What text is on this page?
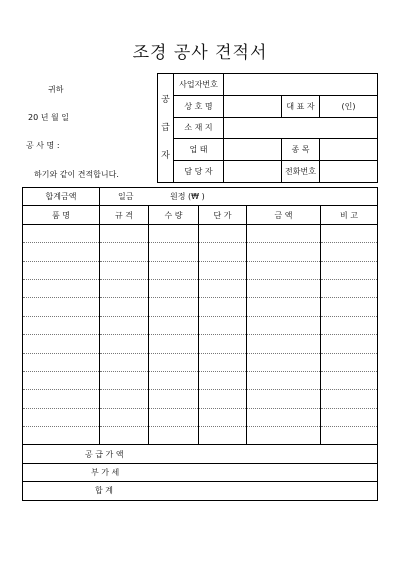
조경 공사 견적서
귀하
20 년 월 일
공 사 명 :
하기와 같이 견적합니다.
공
급
자	사업자번호			
	상 호 명		대 표 자	(인)
	소 재 지			
	업 태		종 목	
	담 당 자		전화번호	
합계금액	일금 원정 (₩ )				
품 명	규 격	수 량	단 가	금 액	비 고

공 급 가 액					
부 가 세					
합 계					
